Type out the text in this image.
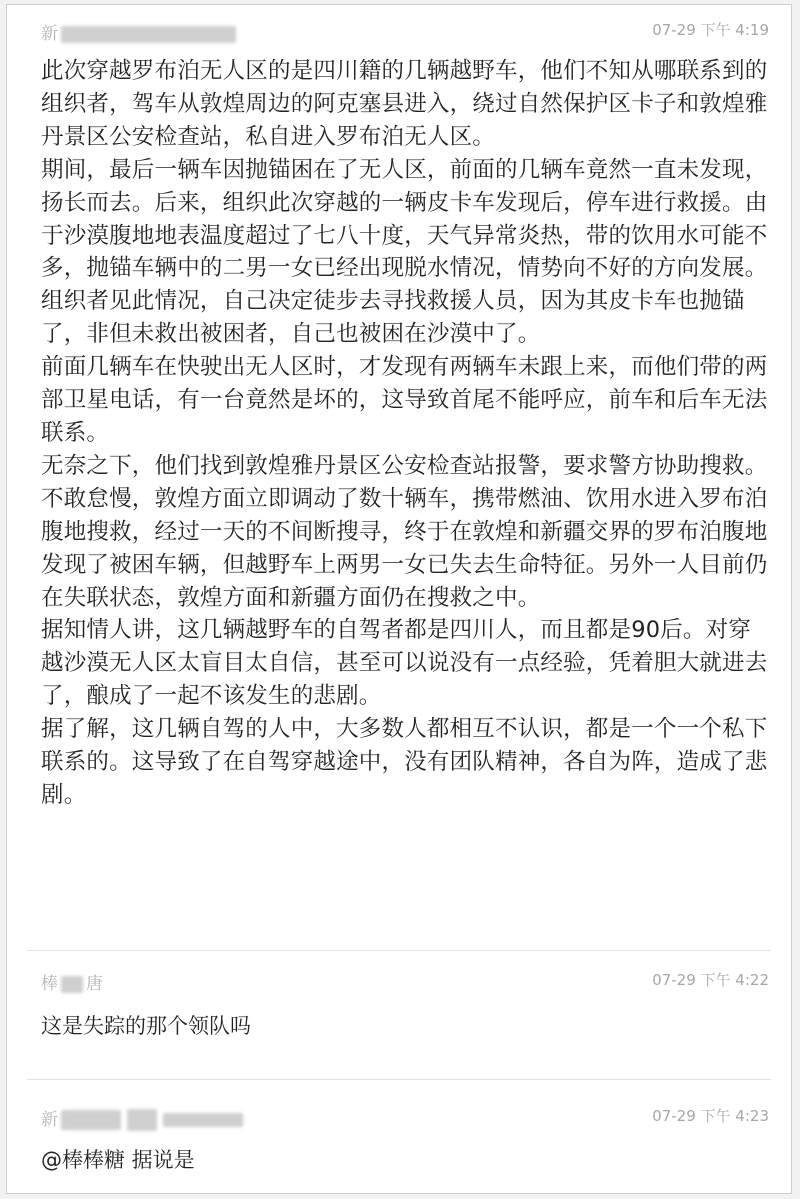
新	07-29 下午 4:19

此次穿越罗布泊无人区的是四川籍的几辆越野车，他们不知从哪联系到的组织者，驾车从敦煌周边的阿克塞县进入，绕过自然保护区卡子和敦煌雅丹景区公安检查站，私自进入罗布泊无人区。

期间，最后一辆车因抛锚困在了无人区，前面的几辆车竟然一直未发现，扬长而去。后来，组织此次穿越的一辆皮卡车发现后，停车进行救援。由于沙漠腹地地表温度超过了七八十度，天气异常炎热，带的饮用水可能不多，抛锚车辆中的二男一女已经出现脱水情况，情势向不好的方向发展。组织者见此情况，自己决定徒步去寻找救援人员，因为其皮卡车也抛锚了，非但未救出被困者，自己也被困在沙漠中了。

前面几辆车在快驶出无人区时，才发现有两辆车未跟上来，而他们带的两部卫星电话，有一台竟然是坏的，这导致首尾不能呼应，前车和后车无法联系。

无奈之下，他们找到敦煌雅丹景区公安检查站报警，要求警方协助搜救。

不敢怠慢，敦煌方面立即调动了数十辆车，携带燃油、饮用水进入罗布泊腹地搜救，经过一天的不间断搜寻，终于在敦煌和新疆交界的罗布泊腹地发现了被困车辆，但越野车上两男一女已失去生命特征。另外一人目前仍在失联状态，敦煌方面和新疆方面仍在搜救之中。

据知情人讲，这几辆越野车的自驾者都是四川人，而且都是90后。对穿越沙漠无人区太盲目太自信，甚至可以说没有一点经验，凭着胆大就进去了，酿成了一起不该发生的悲剧。

据了解，这几辆自驾的人中，大多数人都相互不认识，都是一个一个私下联系的。这导致了在自驾穿越途中，没有团队精神，各自为阵，造成了悲剧。

棒 唐	07-29 下午 4:22
这是失踪的那个领队吗
新	07-29 下午 4:23
@棒棒糖 据说是
